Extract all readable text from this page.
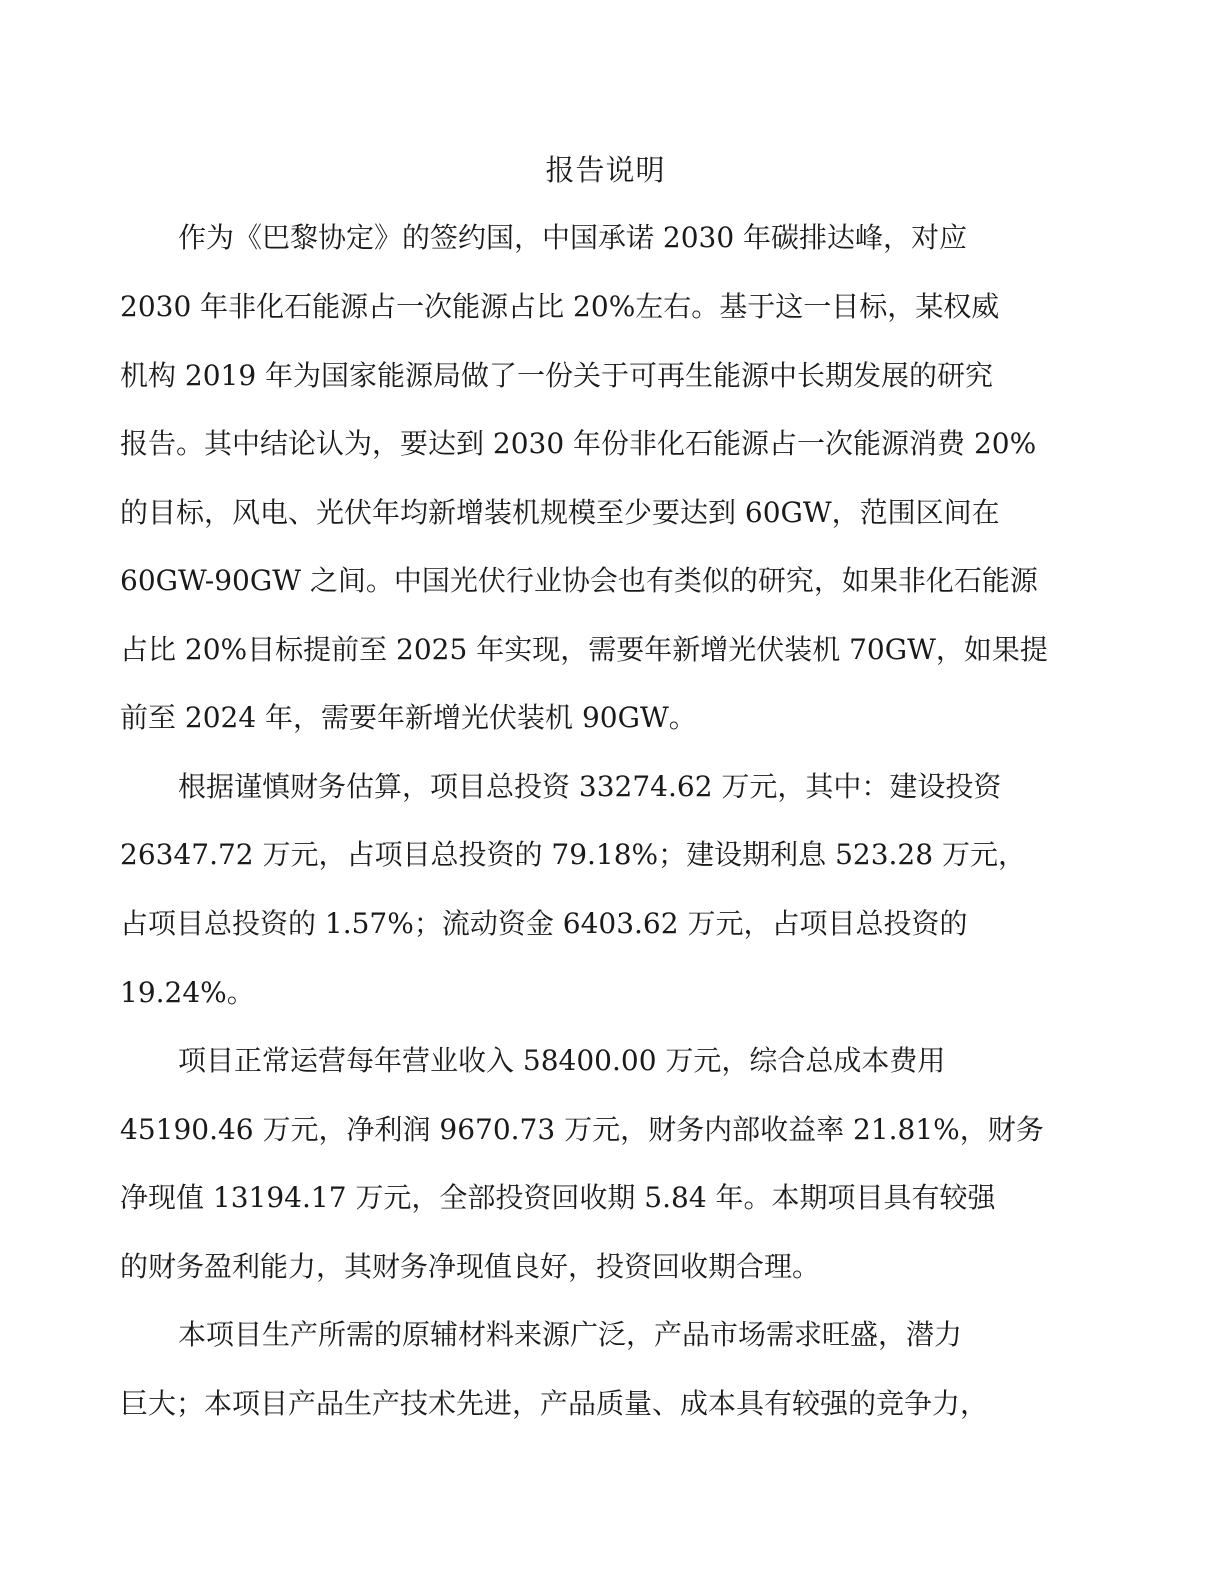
报告说明
作为《巴黎协定》的签约国，中国承诺 2030 年碳排达峰，对应
2030 年非化石能源占一次能源占比 20%左右。基于这一目标，某权威
机构 2019 年为国家能源局做了一份关于可再生能源中长期发展的研究
报告。其中结论认为，要达到 2030 年份非化石能源占一次能源消费 20%
的目标，风电、光伏年均新增装机规模至少要达到 60GW，范围区间在
60GW-90GW 之间。中国光伏行业协会也有类似的研究，如果非化石能源
占比 20%目标提前至 2025 年实现，需要年新增光伏装机 70GW，如果提
前至 2024 年，需要年新增光伏装机 90GW。
根据谨慎财务估算，项目总投资 33274.62 万元，其中：建设投资
26347.72 万元，占项目总投资的 79.18%；建设期利息 523.28 万元，
占项目总投资的 1.57%；流动资金 6403.62 万元，占项目总投资的
19.24%。
项目正常运营每年营业收入 58400.00 万元，综合总成本费用
45190.46 万元，净利润 9670.73 万元，财务内部收益率 21.81%，财务
净现值 13194.17 万元，全部投资回收期 5.84 年。本期项目具有较强
的财务盈利能力，其财务净现值良好，投资回收期合理。
本项目生产所需的原辅材料来源广泛，产品市场需求旺盛，潜力
巨大；本项目产品生产技术先进，产品质量、成本具有较强的竞争力，
